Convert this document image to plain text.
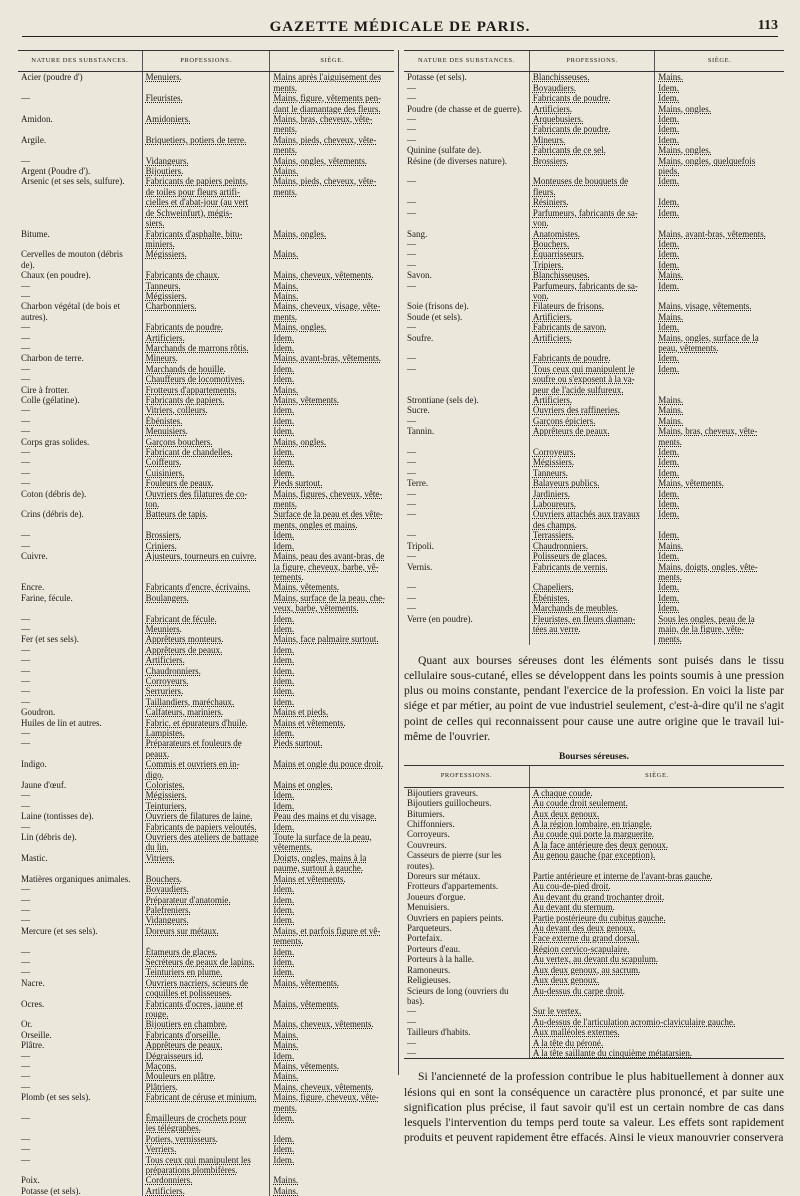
GAZETTE MÉDICALE DE PARIS.	113
NATURE DES SUBSTANCES.	PROFESSIONS.	SIÈGE.
Acier (poudre d')	Menuiers.	Mains après l'aiguisement des
		ments.
—	Fleuristes.	Mains, figure, vêtements pen-
		dant le diamantage des fleurs.
Amidon.	Amidoniers.	Mains, bras, cheveux, vête-
		ments.
Argile.	Briquetiers, potiers de terre.	Mains, pieds, cheveux, vête-
		ments.
—	Vidangeurs.	Mains, ongles, vêtements.
Argent (Poudre d').	Bijoutiers.	Mains.
Arsenic (et ses sels, sulfure).	Fabricants de papiers peints,	Mains, pieds, cheveux, vête-
	de toiles pour fleurs artifi-	ments.
	cielles et d'abat-jour (au vert	
	de Schweinfurt), mégis-	
	siers.	
Bitume.	Fabricants d'asphalte, bitu-	Mains, ongles.
	miniers.	
Cervelles de mouton (débris	Mégissiers.	Mains.
de).		
Chaux (en poudre).	Fabricants de chaux.	Mains, cheveux, vêtements.
—	Tanneurs.	Mains.
—	Mégissiers.	Mains.
Charbon végétal (de bois et	Charbonniers.	Mains, cheveux, visage, vête-
autres).		ments.
—	Fabricants de poudre.	Mains, ongles.
—	Artificiers.	Idem.
—	Marchands de marrons rôtis.	Idem.
Charbon de terre.	Mineurs.	Mains, avant-bras, vêtements.
—	Marchands de houille.	Idem.
—	Chauffeurs de locomotives.	Idem.
Cire à frotter.	Frotteurs d'appartements.	Mains.
Colle (gélatine).	Fabricants de papiers.	Mains, vêtements.
—	Vitriers, colleurs.	Idem.
—	Ébénistes.	Idem.
—	Menuisiers.	Idem.
Corps gras solides.	Garçons bouchers.	Mains, ongles.
—	Fabricant de chandelles.	Idem.
—	Coiffeurs.	Idem.
—	Cuisiniers.	Idem.
—	Fouleurs de peaux.	Pieds surtout.
Coton (débris de).	Ouvriers des filatures de co-	Mains, figures, cheveux, vête-
	ton.	ments.
Crins (débris de).	Batteurs de tapis.	Surface de la peau et des vête-
		ments, ongles et mains.
—	Brossiers.	Idem.
—	Criniers.	Idem.
Cuivre.	Ajusteurs, tourneurs en cuivre.	Mains, peau des avant-bras, de
		la figure, cheveux, barbe, vê-
		tements.
Encre.	Fabricants d'encre, écrivains.	Mains, vêtements.
Farine, fécule.	Boulangers.	Mains, surface de la peau, che-
		veux, barbe, vêtements.
—	Fabricant de fécule.	Idem.
—	Meuniers.	Idem.
Fer (et ses sels).	Apprêteurs monteurs.	Mains, face palmaire surtout.
—	Apprêteurs de peaux.	Idem.
—	Artificiers.	Idem.
—	Chaudronniers.	Idem.
—	Corroyeurs.	Idem.
—	Serruriers.	Idem.
—	Taillandiers, maréchaux.	Idem.
Goudron.	Calfateurs, mariniers.	Mains et pieds.
Huiles de lin et autres.	Fabric. et épurateurs d'huile.	Mains et vêtements.
—	Lampistes.	Idem.
—	Préparateurs et fouleurs de	Pieds surtout.
	peaux.	
Indigo.	Commis et ouvriers en in-	Mains et ongle du pouce droit.
	digo.	
Jaune d'œuf.	Coloristes.	Mains et ongles.
—	Mégissiers.	Idem.
—	Teinturiers.	Idem.
Laine (tontisses de).	Ouvriers de filatures de laine.	Peau des mains et du visage.
—	Fabricants de papiers veloutés.	Idem.
Lin (débris de).	Ouvriers des ateliers de battage	Toute la surface de la peau,
	du lin.	vêtements.
Mastic.	Vitriers.	Doigts, ongles, mains à la
		paume, surtout à gauche.
Matières organiques animales.	Bouchers.	Mains et vêtements.
—	Boyaudiers.	Idem.
—	Préparateur d'anatomie.	Idem.
—	Palefreniers.	Idem.
—	Vidangeurs.	Idem.
Mercure (et ses sels).	Doreurs sur métaux.	Mains, et parfois figure et vê-
		tements.
—	Étameurs de glaces.	Idem.
—	Secréteurs de peaux de lapins.	Idem.
—	Teinturiers en plume.	Idem.
Nacre.	Ouvriers nacriers, scieurs de	Mains, vêtements.
	coquilles et polisseuses.	
Ocres.	Fabricants d'ocres, jaune et	Mains, vêtements.
	rouge.	
Or.	Bijoutiers en chambre.	Mains, cheveux, vêtements.
Orseille.	Fabricants d'orseille.	Mains.
Plâtre.	Apprêteurs de peaux.	Mains.
—	Dégraisseurs id.	Idem.
—	Maçons.	Mains, vêtements.
—	Mouleurs en plâtre.	Mains.
—	Plâtriers.	Mains, cheveux, vêtements.
Plomb (et ses sels).	Fabricant de céruse et minium.	Mains, figure, cheveux, vête-
		ments.
—	Émailleurs de crochets pour	Idem.
	les télégraphes.	
—	Potiers, vernisseurs.	Idem.
—	Verriers.	Idem.
—	Tous ceux qui manipulent les	Idem.
	préparations plombifères.	
Poix.	Cordonniers.	Mains.
Potasse (et sels).	Artificiers.	Mains.
NATURE DES SUBSTANCES.	PROFESSIONS.	SIÈGE.
Potasse (et sels).	Blanchisseuses.	Mains.
—	Boyaudiers.	Idem.
—	Fabricants de poudre.	Idem.
Poudre (de chasse et de guerre).	Artificiers.	Mains, ongles.
—	Arquebusiers.	Idem.
—	Fabricants de poudre.	Idem.
—	Mineurs.	Idem.
Quinine (sulfate de).	Fabricants de ce sel.	Mains, ongles.
Résine (de diverses nature).	Brossiers.	Mains, ongles, quelquefois
		pieds.
—	Monteuses de bouquets de	Idem.
	fleurs.	
—	Résiniers.	Idem.
—	Parfumeurs, fabricants de sa-	Idem.
	von.	
Sang.	Anatomistes.	Mains, avant-bras, vêtements.
—	Bouchers.	Idem.
—	Équarrisseurs.	Idem.
—	Tripiers.	Idem.
Savon.	Blanchisseuses.	Mains.
—	Parfumeurs, fabricants de sa-	Idem.
	von.	
Soie (frisons de).	Filateurs de frisons.	Mains, visage, vêtements.
Soude (et sels).	Artificiers.	Mains.
—	Fabricants de savon.	Idem.
Soufre.	Artificiers.	Mains, ongles, surface de la
		peau, vêtements.
—	Fabricants de poudre.	Idem.
—	Tous ceux qui manipulent le	Idem.
	soufre ou s'exposent à la va-	
	peur de l'acide sulfureux.	
Strontiane (sels de).	Artificiers.	Mains.
Sucre.	Ouvriers des raffineries.	Mains.
—	Garçons épiciers.	Mains.
Tannin.	Apprêteurs de peaux.	Mains, bras, cheveux, vête-
		ments.
—	Corroyeurs.	Idem.
—	Mégissiers.	Idem.
—	Tanneurs.	Idem.
Terre.	Balayeurs publics.	Mains, vêtements.
—	Jardiniers.	Idem.
—	Laboureurs.	Idem.
—	Ouvriers attachés aux travaux	Idem.
	des champs.	
—	Terrassiers.	Idem.
Tripoli.	Chaudronniers.	Mains.
—	Polisseurs de glaces.	Idem.
Vernis.	Fabricants de vernis.	Mains, doigts, ongles, vête-
		ments.
—	Chapeliers.	Idem.
—	Ébénistes.	Idem.
—	Marchands de meubles.	Idem.
Verre (en poudre).	Fleuristes, en fleurs diaman-	Sous les ongles, peau de la
	tées au verre.	main, de la figure, vête-
		ments.

Quant aux bourses séreuses dont les éléments sont puisés dans le tissu cellulaire sous-cutané, elles se développent dans les points soumis à une pression plus ou moins constante, pendant l'exercice de la profession. En voici la liste par siége et par métier, au point de vue industriel seulement, c'est-à-dire qu'il ne s'agit point de celles qui reconnaissent pour cause une autre origine que le travail lui-même de l'ouvrier.

Bourses séreuses.
PROFESSIONS.	SIÈGE.
Bijoutiers graveurs.	A chaque coude.
Bijoutiers guillocheurs.	Au coude droit seulement.
Bitumiers.	Aux deux genoux.
Chiffonniers.	A la région lombaire, en triangle.
Corroyeurs.	Au coude qui porte la marguerite.
Couvreurs.	A la face antérieure des deux genoux.
Casseurs de pierre (sur les	Au genou gauche (par exception).
routes).	
Doreurs sur métaux.	Partie antérieure et interne de l'avant-bras gauche.
Frotteurs d'appartements.	Au cou-de-pied droit.
Joueurs d'orgue.	Au devant du grand trochanter droit.
Menuisiers.	Au devant du sternum.
Ouvriers en papiers peints.	Partie postérieure du cubitus gauche.
Parqueteurs.	Au devant des deux genoux.
Portefaix.	Face externe du grand dorsal.
Porteurs d'eau.	Région cervico-scapulaire.
Porteurs à la halle.	Au vertex, au devant du scapulum.
Ramoneurs.	Aux deux genoux, au sacrum.
Religieuses.	Aux deux genoux.
Scieurs de long (ouvriers du	Au-dessus du carpe droit.
bas).	
—	Sur le vertex.
—	Au-dessus de l'articulation acromio-claviculaire gauche.
Tailleurs d'habits.	Aux malléoles externes.
—	A la tête du péroné.
—	A la tête saillante du cinquième métatarsien.

Si l'ancienneté de la profession contribue le plus habituellement à donner aux lésions qui en sont la conséquence un caractère plus prononcé, et par suite une signification plus précise, il faut savoir qu'il est un certain nombre de cas dans lesquels l'intervention du temps perd toute sa valeur. Les effets sont rapidement produits et peuvent rapidement être effacés. Ainsi le vieux manouvrier conservera
